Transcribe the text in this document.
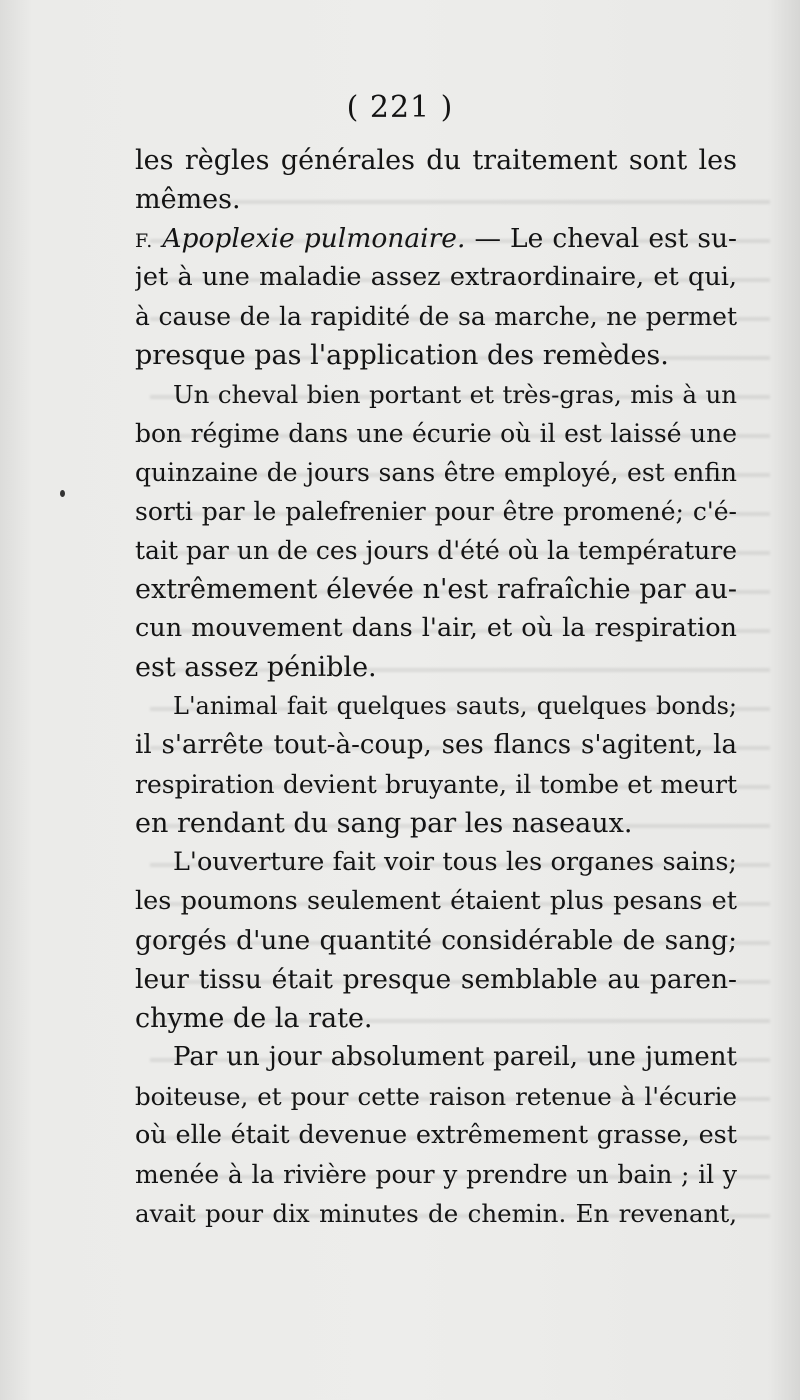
( 221 )
les règles générales du traitement sont les
mêmes.
F. Apoplexie pulmonaire. — Le cheval est su-
jet à une maladie assez extraordinaire, et qui,
à cause de la rapidité de sa marche, ne permet
presque pas l'application des remèdes.
Un cheval bien portant et très-gras, mis à un
bon régime dans une écurie où il est laissé une
quinzaine de jours sans être employé, est enfin
sorti par le palefrenier pour être promené; c'é-
tait par un de ces jours d'été où la température
extrêmement élevée n'est rafraîchie par au-
cun mouvement dans l'air, et où la respiration
est assez pénible.
L'animal fait quelques sauts, quelques bonds;
il s'arrête tout-à-coup, ses flancs s'agitent, la
respiration devient bruyante, il tombe et meurt
en rendant du sang par les naseaux.
L'ouverture fait voir tous les organes sains;
les poumons seulement étaient plus pesans et
gorgés d'une quantité considérable de sang;
leur tissu était presque semblable au paren-
chyme de la rate.
Par un jour absolument pareil, une jument
boiteuse, et pour cette raison retenue à l'écurie
où elle était devenue extrêmement grasse, est
menée à la rivière pour y prendre un bain ; il y
avait pour dix minutes de chemin. En revenant,
